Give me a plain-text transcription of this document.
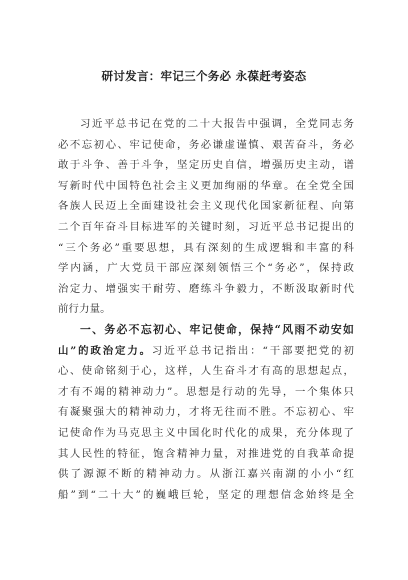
研讨发言：牢记三个务必 永葆赶考姿态
习近平总书记在党的二十大报告中强调，全党同志务
必不忘初心、牢记使命，务必谦虚谨慎、艰苦奋斗，务必
敢于斗争、善于斗争，坚定历史自信，增强历史主动，谱
写新时代中国特色社会主义更加绚丽的华章。在全党全国
各族人民迈上全面建设社会主义现代化国家新征程、向第
二个百年奋斗目标进军的关键时刻，习近平总书记提出的
“三个务必”重要思想，具有深刻的生成逻辑和丰富的科
学内涵，广大党员干部应深刻领悟三个“务必”，保持政
治定力、增强实干耐劳、磨练斗争毅力，不断汲取新时代
前行力量。
一、务必不忘初心、牢记使命，保持“风雨不动安如
山”的政治定力。习近平总书记指出：“干部要把党的初
心、使命铭刻于心，这样，人生奋斗才有高的思想起点，
才有不竭的精神动力”。思想是行动的先导，一个集体只
有凝聚强大的精神动力，才将无往而不胜。不忘初心、牢
记使命作为马克思主义中国化时代化的成果，充分体现了
其人民性的特征，饱含精神力量，对推进党的自我革命提
供了源源不断的精神动力。从浙江嘉兴南湖的小小“红
船”到“二十大”的巍峨巨轮，坚定的理想信念始终是全
